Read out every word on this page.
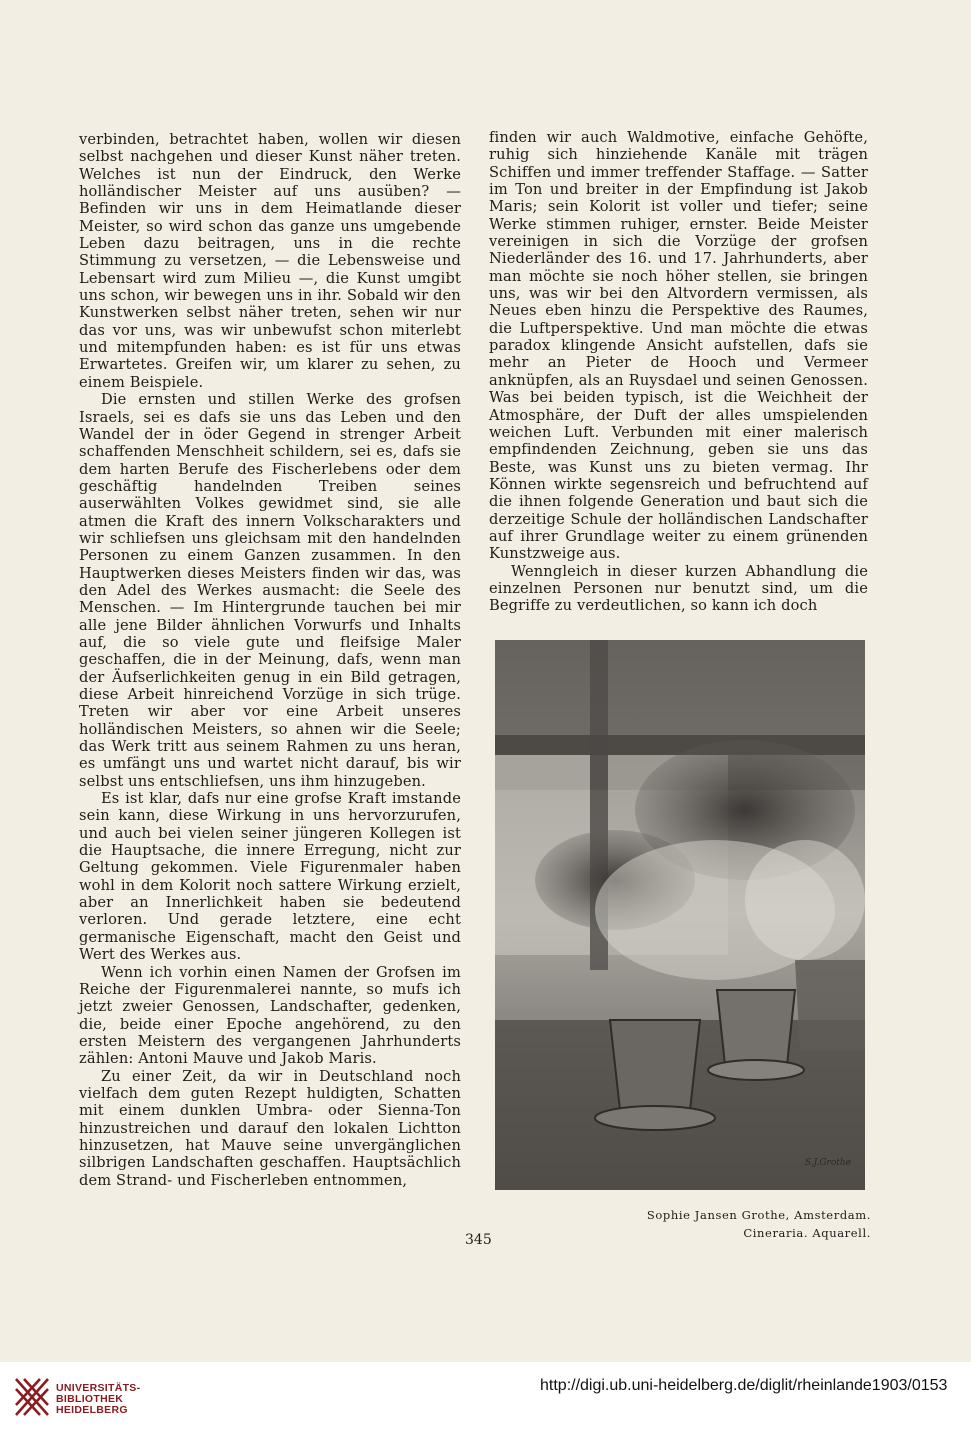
verbinden, betrachtet haben, wollen wir diesen selbst nachgehen und dieser Kunst näher treten. Welches ist nun der Eindruck, den Werke holländischer Meister auf uns ausüben? — Befinden wir uns in dem Heimatlande dieser Meister, so wird schon das ganze uns umgebende Leben dazu beitragen, uns in die rechte Stimmung zu versetzen, — die Lebensweise und Lebensart wird zum Milieu —, die Kunst umgibt uns schon, wir bewegen uns in ihr. Sobald wir den Kunstwerken selbst näher treten, sehen wir nur das vor uns, was wir unbewufst schon miterlebt und mitempfunden haben: es ist für uns etwas Erwartetes. Greifen wir, um klarer zu sehen, zu einem Beispiele.

Die ernsten und stillen Werke des grofsen Israels, sei es dafs sie uns das Leben und den Wandel der in öder Gegend in strenger Arbeit schaffenden Menschheit schildern, sei es, dafs sie dem harten Berufe des Fischerlebens oder dem geschäftig handelnden Treiben seines auserwählten Volkes gewidmet sind, sie alle atmen die Kraft des innern Volkscharakters und wir schliefsen uns gleichsam mit den handelnden Personen zu einem Ganzen zusammen. In den Hauptwerken dieses Meisters finden wir das, was den Adel des Werkes ausmacht: die Seele des Menschen. — Im Hintergrunde tauchen bei mir alle jene Bilder ähnlichen Vorwurfs und Inhalts auf, die so viele gute und fleifsige Maler geschaffen, die in der Meinung, dafs, wenn man der Äufserlichkeiten genug in ein Bild getragen, diese Arbeit hinreichend Vorzüge in sich trüge. Treten wir aber vor eine Arbeit unseres holländischen Meisters, so ahnen wir die Seele; das Werk tritt aus seinem Rahmen zu uns heran, es umfängt uns und wartet nicht darauf, bis wir selbst uns entschliefsen, uns ihm hinzugeben.

Es ist klar, dafs nur eine grofse Kraft imstande sein kann, diese Wirkung in uns hervorzurufen, und auch bei vielen seiner jüngeren Kollegen ist die Hauptsache, die innere Erregung, nicht zur Geltung gekommen. Viele Figurenmaler haben wohl in dem Kolorit noch sattere Wirkung erzielt, aber an Innerlichkeit haben sie bedeutend verloren. Und gerade letztere, eine echt germanische Eigenschaft, macht den Geist und Wert des Werkes aus.

Wenn ich vorhin einen Namen der Grofsen im Reiche der Figurenmalerei nannte, so mufs ich jetzt zweier Genossen, Landschafter, gedenken, die, beide einer Epoche angehörend, zu den ersten Meistern des vergangenen Jahrhunderts zählen: Antoni Mauve und Jakob Maris.

Zu einer Zeit, da wir in Deutschland noch vielfach dem guten Rezept huldigten, Schatten mit einem dunklen Umbra- oder Sienna-Ton hinzustreichen und darauf den lokalen Lichtton hinzusetzen, hat Mauve seine unvergänglichen silbrigen Landschaften geschaffen. Hauptsächlich dem Strand- und Fischerleben entnommen,

finden wir auch Waldmotive, einfache Gehöfte, ruhig sich hinziehende Kanäle mit trägen Schiffen und immer treffender Staffage. — Satter im Ton und breiter in der Empfindung ist Jakob Maris; sein Kolorit ist voller und tiefer; seine Werke stimmen ruhiger, ernster. Beide Meister vereinigen in sich die Vorzüge der grofsen Niederländer des 16. und 17. Jahrhunderts, aber man möchte sie noch höher stellen, sie bringen uns, was wir bei den Altvordern vermissen, als Neues eben hinzu die Perspektive des Raumes, die Luftperspektive. Und man möchte die etwas paradox klingende Ansicht aufstellen, dafs sie mehr an Pieter de Hooch und Vermeer anknüpfen, als an Ruysdael und seinen Genossen. Was bei beiden typisch, ist die Weichheit der Atmosphäre, der Duft der alles umspielenden weichen Luft. Verbunden mit einer malerisch empfindenden Zeichnung, geben sie uns das Beste, was Kunst uns zu bieten vermag. Ihr Können wirkte segensreich und befruchtend auf die ihnen folgende Generation und baut sich die derzeitige Schule der holländischen Landschafter auf ihrer Grundlage weiter zu einem grünenden Kunstzweige aus.

Wenngleich in dieser kurzen Abhandlung die einzelnen Personen nur benutzt sind, um die Begriffe zu verdeutlichen, so kann ich doch

S.J.Grothe
Sophie Jansen Grothe, Amsterdam.
Cineraria. Aquarell.
345
UNIVERSITÄTS-
BIBLIOTHEK
HEIDELBERG
http://digi.ub.uni-heidelberg.de/diglit/rheinlande1903/0153
